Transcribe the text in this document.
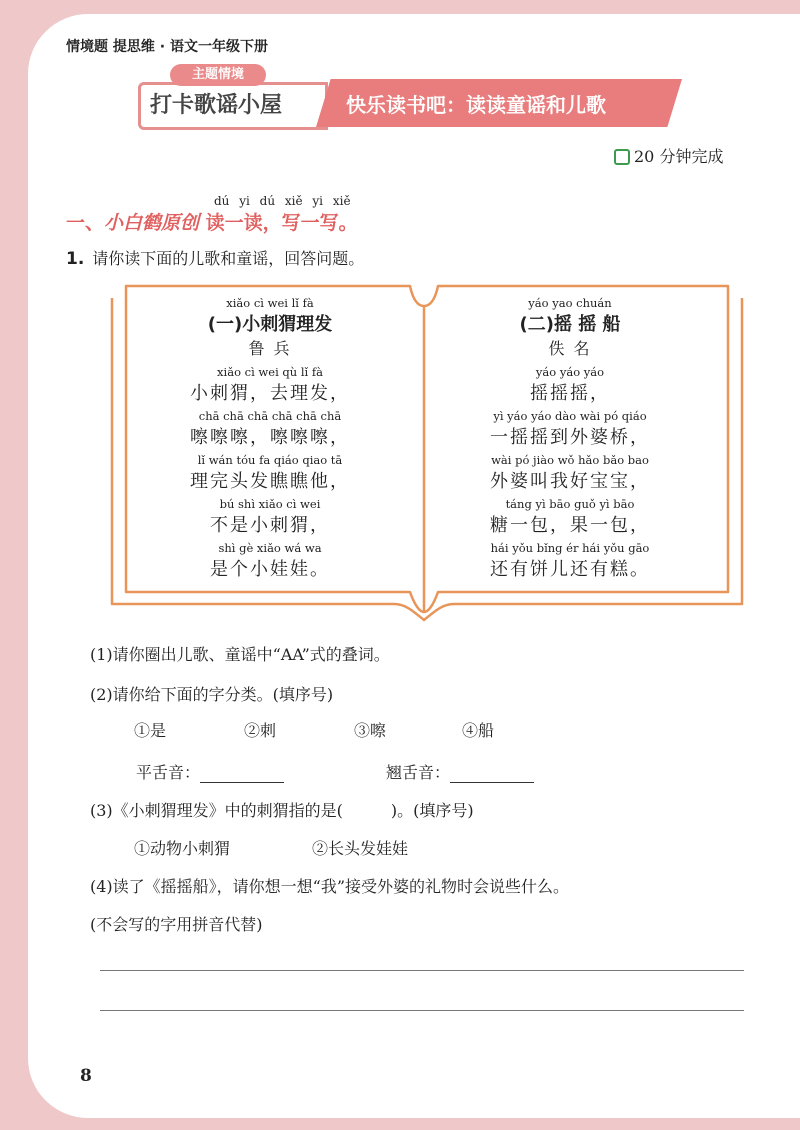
情境题 提思维 · 语文一年级下册
主题情境
打卡歌谣小屋	快乐读书吧：读读童谣和儿歌
20 分钟完成
dú yi dú xiě yi xiě
一、小白鹤原创 读一读，写一写。
1. 请你读下面的儿歌和童谣，回答问题。
xiǎo cì wei lǐ fà
(一)小刺猬理发
鲁 兵
xiǎo cì wei qù lǐ fà
小刺猬，去理发，
chā chā chā chā chā chā
嚓嚓嚓，嚓嚓嚓，
lǐ wán tóu fa qiáo qiao tā
理完头发瞧瞧他，
bú shì xiǎo cì wei
不是小刺猬，
shì gè xiǎo wá wa
是个小娃娃。
yáo yao chuán
(二)摇 摇 船
佚 名
yáo yáo yáo
摇摇摇，
yì yáo yáo dào wài pó qiáo
一摇摇到外婆桥，
wài pó jiào wǒ hǎo bǎo bao
外婆叫我好宝宝，
táng yì bāo guǒ yì bāo
糖一包，果一包，
hái yǒu bǐng ér hái yǒu gāo
还有饼儿还有糕。
(1)请你圈出儿歌、童谣中“AA”式的叠词。
(2)请你给下面的字分类。(填序号)
①是	②刺	③嚓	④船
平舌音：	翘舌音：
(3)《小刺猬理发》中的刺猬指的是(	)。(填序号)
①动物小刺猬	②长头发娃娃
(4)读了《摇摇船》，请你想一想“我”接受外婆的礼物时会说些什么。
(不会写的字用拼音代替)
8
